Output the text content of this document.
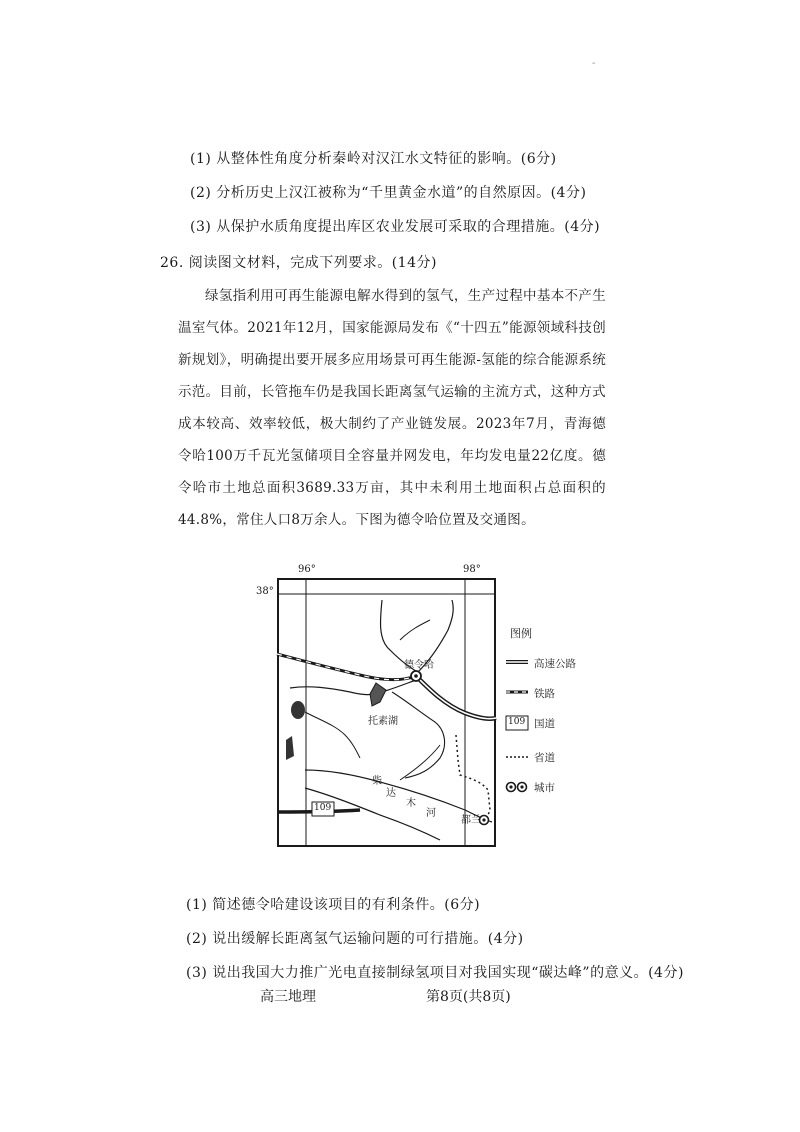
-
(1) 从整体性角度分析秦岭对汉江水文特征的影响。(6分)
(2) 分析历史上汉江被称为“千里黄金水道”的自然原因。(4分)
(3) 从保护水质角度提出库区农业发展可采取的合理措施。(4分)
26. 阅读图文材料，完成下列要求。(14分)

绿氢指利用可再生能源电解水得到的氢气，生产过程中基本不产生温室气体。2021年12月，国家能源局发布《“十四五”能源领域科技创新规划》，明确提出要开展多应用场景可再生能源-氢能的综合能源系统示范。目前，长管拖车仍是我国长距离氢气运输的主流方式，这种方式成本较高、效率较低，极大制约了产业链发展。2023年7月，青海德令哈100万千瓦光氢储项目全容量并网发电，年均发电量22亿度。德令哈市土地总面积3689.33万亩，其中未利用土地面积占总面积的44.8%，常住人口8万余人。下图为德令哈位置及交通图。

96°	98°
38°
德令哈
托素湖
柴
达
木
河
都兰
109
图例
高速公路
铁路
109 国道
省道
城市
(1) 简述德令哈建设该项目的有利条件。(6分)
(2) 说出缓解长距离氢气运输问题的可行措施。(4分)
(3) 说出我国大力推广光电直接制绿氢项目对我国实现“碳达峰”的意义。(4分)
高三地理	第8页(共8页)
